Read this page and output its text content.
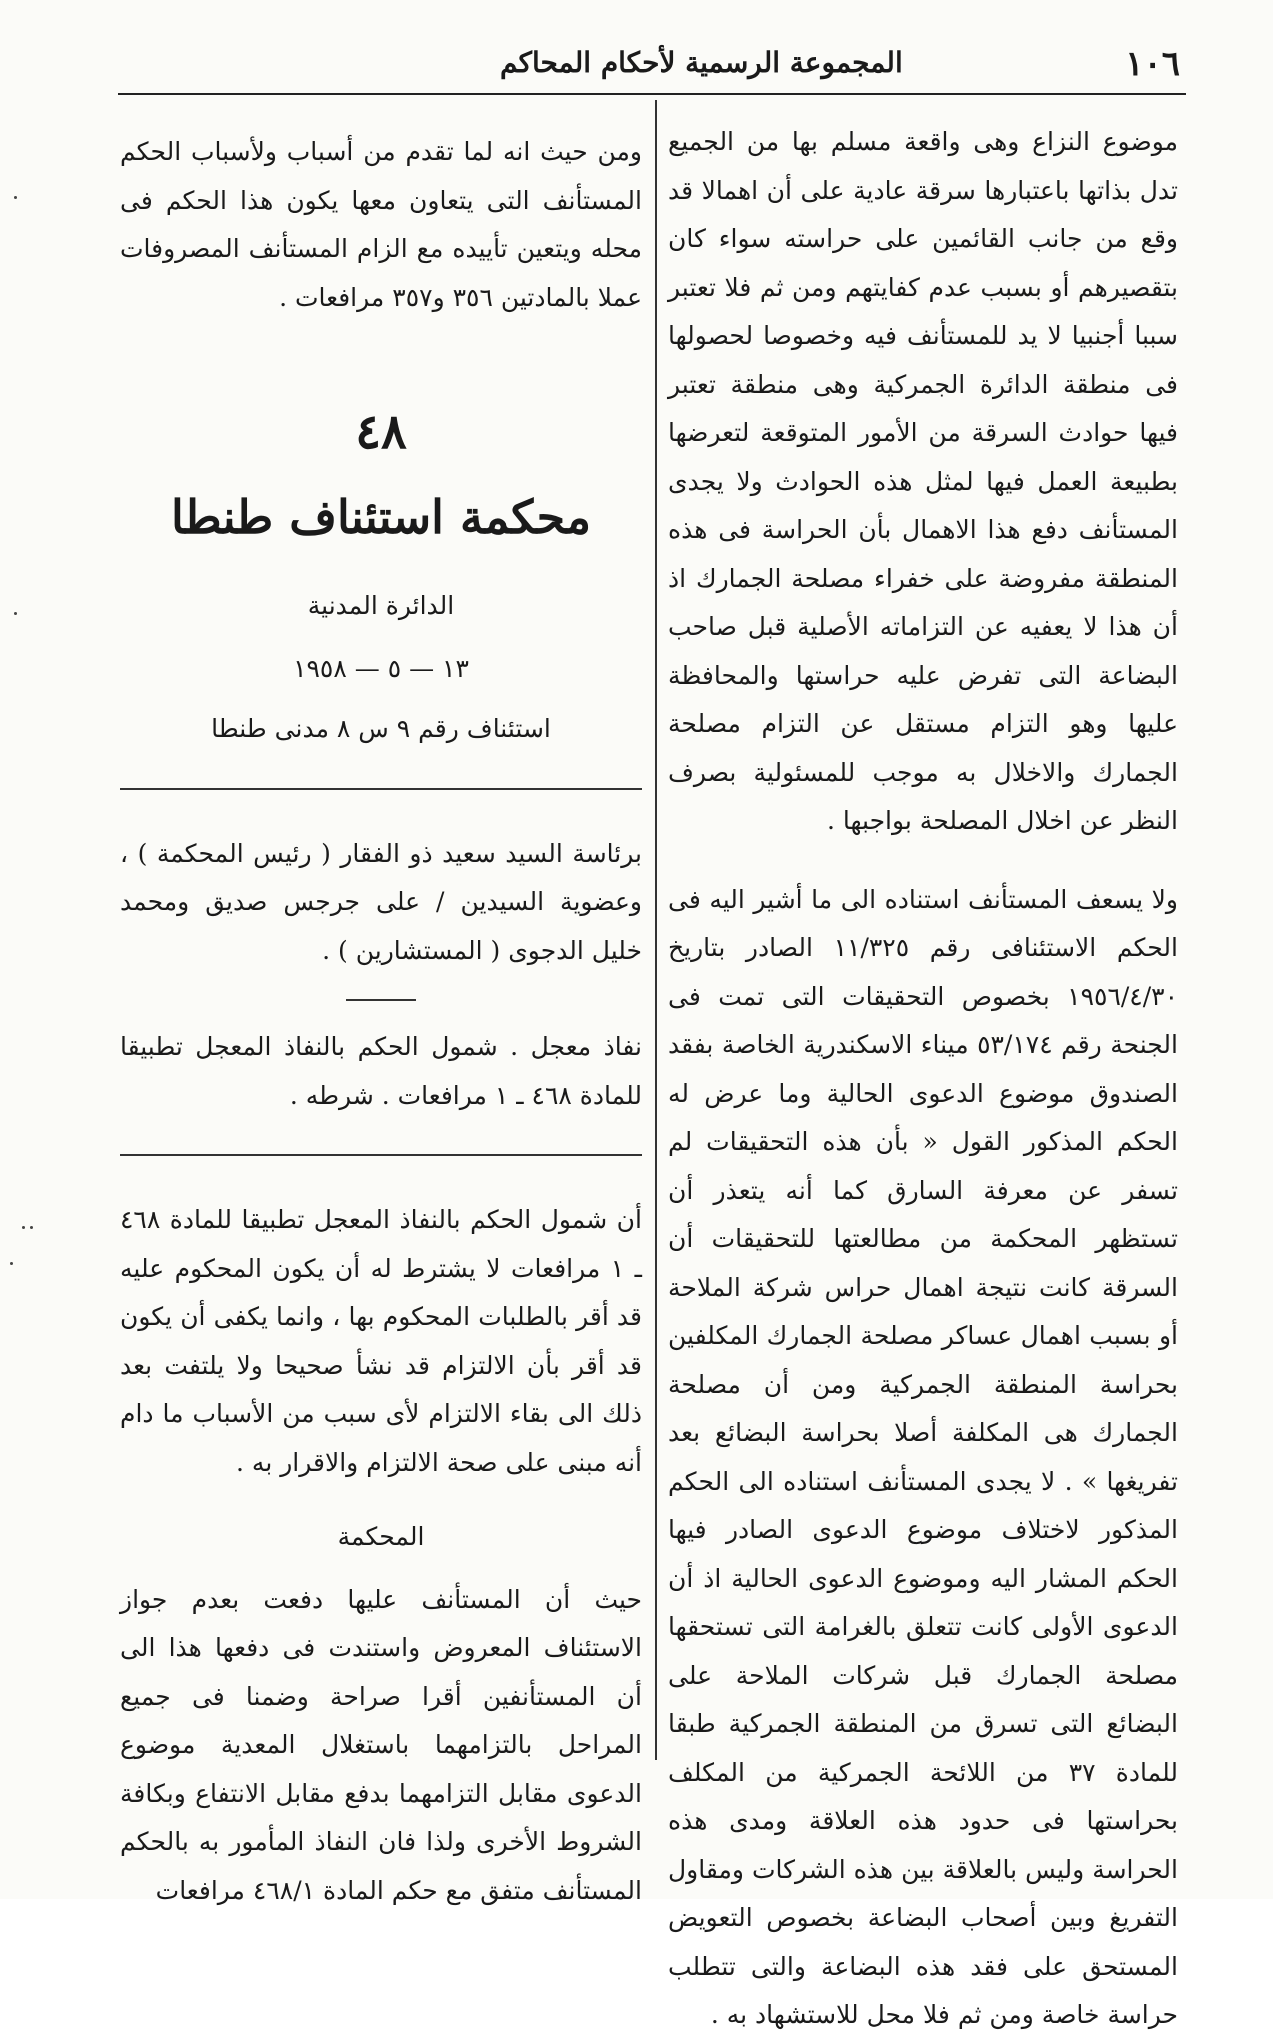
١٠٦
المجموعة الرسمية لأحكام المحاكم

موضوع النزاع وهى واقعة مسلم بها من الجميع تدل بذاتها باعتبارها سرقة عادية على أن اهمالا قد وقع من جانب القائمين على حراسته سواء كان بتقصيرهم أو بسبب عدم كفايتهم ومن ثم فلا تعتبر سببا أجنبيا لا يد للمستأنف فيه وخصوصا لحصولها فى منطقة الدائرة الجمركية وهى منطقة تعتبر فيها حوادث السرقة من الأمور المتوقعة لتعرضها بطبيعة العمل فيها لمثل هذه الحوادث ولا يجدى المستأنف دفع هذا الاهمال بأن الحراسة فى هذه المنطقة مفروضة على خفراء مصلحة الجمارك اذ أن هذا لا يعفيه عن التزاماته الأصلية قبل صاحب البضاعة التى تفرض عليه حراستها والمحافظة عليها وهو التزام مستقل عن التزام مصلحة الجمارك والاخلال به موجب للمسئولية بصرف النظر عن اخلال المصلحة بواجبها .

ولا يسعف المستأنف استناده الى ما أشير اليه فى الحكم الاستئنافى رقم ١١/٣٢٥ الصادر بتاريخ ١٩٥٦/٤/٣٠ بخصوص التحقيقات التى تمت فى الجنحة رقم ٥٣/١٧٤ ميناء الاسكندرية الخاصة بفقد الصندوق موضوع الدعوى الحالية وما عرض له الحكم المذكور القول « بأن هذه التحقيقات لم تسفر عن معرفة السارق كما أنه يتعذر أن تستظهر المحكمة من مطالعتها للتحقيقات أن السرقة كانت نتيجة اهمال حراس شركة الملاحة أو بسبب اهمال عساكر مصلحة الجمارك المكلفين بحراسة المنطقة الجمركية ومن أن مصلحة الجمارك هى المكلفة أصلا بحراسة البضائع بعد تفريغها » . لا يجدى المستأنف استناده الى الحكم المذكور لاختلاف موضوع الدعوى الصادر فيها الحكم المشار اليه وموضوع الدعوى الحالية اذ أن الدعوى الأولى كانت تتعلق بالغرامة التى تستحقها مصلحة الجمارك قبل شركات الملاحة على البضائع التى تسرق من المنطقة الجمركية طبقا للمادة ٣٧ من اللائحة الجمركية من المكلف بحراستها فى حدود هذه العلاقة ومدى هذه الحراسة وليس بالعلاقة بين هذه الشركات ومقاول التفريغ وبين أصحاب البضاعة بخصوص التعويض المستحق على فقد هذه البضاعة والتى تتطلب حراسة خاصة ومن ثم فلا محل للاستشهاد به .

ومن حيث انه لما تقدم من أسباب ولأسباب الحكم المستأنف التى يتعاون معها يكون هذا الحكم فى محله ويتعين تأييده مع الزام المستأنف المصروفات عملا بالمادتين ٣٥٦ و٣٥٧ مرافعات .

٤٨
محكمة استئناف طنطا
الدائرة المدنية
١٣ — ٥ — ١٩٥٨
استئناف رقم ٩ س ٨ مدنى طنطا

برئاسة السيد سعيد ذو الفقار ( رئيس المحكمة ) ، وعضوية السيدين / على جرجس صديق ومحمد خليل الدجوى ( المستشارين ) .

نفاذ معجل . شمول الحكم بالنفاذ المعجل تطبيقا للمادة ٤٦٨ ـ ١ مرافعات . شرطه .

أن شمول الحكم بالنفاذ المعجل تطبيقا للمادة ٤٦٨ ـ ١ مرافعات لا يشترط له أن يكون المحكوم عليه قد أقر بالطلبات المحكوم بها ، وانما يكفى أن يكون قد أقر بأن الالتزام قد نشأ صحيحا ولا يلتفت بعد ذلك الى بقاء الالتزام لأى سبب من الأسباب ما دام أنه مبنى على صحة الالتزام والاقرار به .

المحكمة

حيث أن المستأنف عليها دفعت بعدم جواز الاستئناف المعروض واستندت فى دفعها هذا الى أن المستأنفين أقرا صراحة وضمنا فى جميع المراحل بالتزامهما باستغلال المعدية موضوع الدعوى مقابل التزامهما بدفع مقابل الانتفاع وبكافة الشروط الأخرى ولذا فان النفاذ المأمور به بالحكم المستأنف متفق مع حكم المادة ٤٦٨/١ مرافعات
